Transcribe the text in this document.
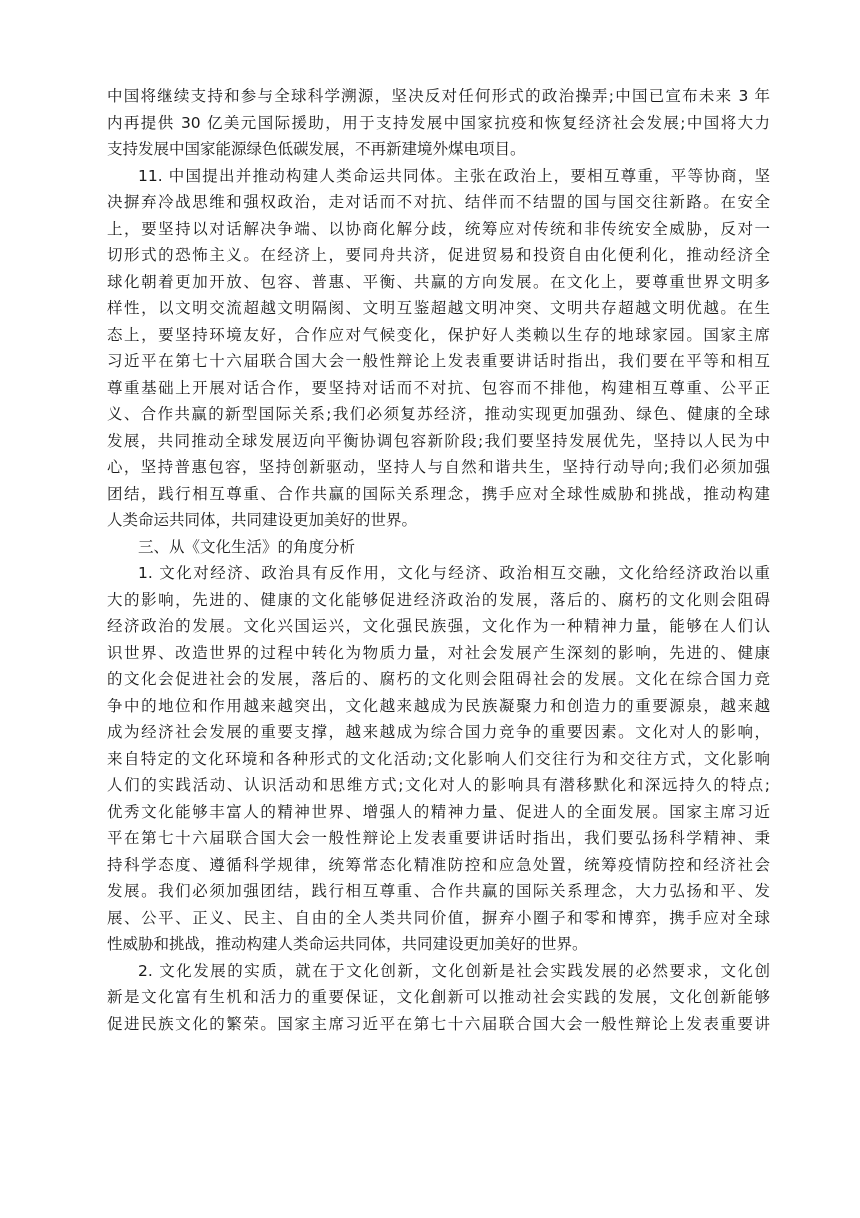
中国将继续支持和参与全球科学溯源，坚决反对任何形式的政治操弄;中国已宣布未来 3 年
内再提供 30 亿美元国际援助，用于支持发展中国家抗疫和恢复经济社会发展;中国将大力
支持发展中国家能源绿色低碳发展，不再新建境外煤电项目。
11. 中国提出并推动构建人类命运共同体。主张在政治上，要相互尊重，平等协商，坚
决摒弃冷战思维和强权政治，走对话而不对抗、结伴而不结盟的国与国交往新路。在安全
上，要坚持以对话解决争端、以协商化解分歧，统筹应对传统和非传统安全威胁，反对一
切形式的恐怖主义。在经济上，要同舟共济，促进贸易和投资自由化便利化，推动经济全
球化朝着更加开放、包容、普惠、平衡、共赢的方向发展。在文化上，要尊重世界文明多
样性，以文明交流超越文明隔阂、文明互鉴超越文明冲突、文明共存超越文明优越。在生
态上，要坚持环境友好，合作应对气候变化，保护好人类赖以生存的地球家园。国家主席
习近平在第七十六届联合国大会一般性辩论上发表重要讲话时指出，我们要在平等和相互
尊重基础上开展对话合作，要坚持对话而不对抗、包容而不排他，构建相互尊重、公平正
义、合作共赢的新型国际关系;我们必须复苏经济，推动实现更加强劲、绿色、健康的全球
发展，共同推动全球发展迈向平衡协调包容新阶段;我们要坚持发展优先，坚持以人民为中
心，坚持普惠包容，坚持创新驱动，坚持人与自然和谐共生，坚持行动导向;我们必须加强
团结，践行相互尊重、合作共赢的国际关系理念，携手应对全球性威胁和挑战，推动构建
人类命运共同体，共同建设更加美好的世界。
三、从《文化生活》的角度分析
1. 文化对经济、政治具有反作用，文化与经济、政治相互交融，文化给经济政治以重
大的影响，先进的、健康的文化能够促进经济政治的发展，落后的、腐朽的文化则会阻碍
经济政治的发展。文化兴国运兴，文化强民族强，文化作为一种精神力量，能够在人们认
识世界、改造世界的过程中转化为物质力量，对社会发展产生深刻的影响，先进的、健康
的文化会促进社会的发展，落后的、腐朽的文化则会阻碍社会的发展。文化在综合国力竞
争中的地位和作用越来越突出，文化越来越成为民族凝聚力和创造力的重要源泉，越来越
成为经济社会发展的重要支撑，越来越成为综合国力竞争的重要因素。文化对人的影响，
来自特定的文化环境和各种形式的文化活动;文化影响人们交往行为和交往方式，文化影响
人们的实践活动、认识活动和思维方式;文化对人的影响具有潜移默化和深远持久的特点;
优秀文化能够丰富人的精神世界、增强人的精神力量、促进人的全面发展。国家主席习近
平在第七十六届联合国大会一般性辩论上发表重要讲话时指出，我们要弘扬科学精神、秉
持科学态度、遵循科学规律，统筹常态化精准防控和应急处置，统筹疫情防控和经济社会
发展。我们必须加强团结，践行相互尊重、合作共赢的国际关系理念，大力弘扬和平、发
展、公平、正义、民主、自由的全人类共同价值，摒弃小圈子和零和博弈，携手应对全球
性威胁和挑战，推动构建人类命运共同体，共同建设更加美好的世界。
2. 文化发展的实质，就在于文化创新，文化创新是社会实践发展的必然要求，文化创
新是文化富有生机和活力的重要保证，文化創新可以推动社会实践的发展，文化创新能够
促进民族文化的繁荣。国家主席习近平在第七十六届联合国大会一般性辩论上发表重要讲
